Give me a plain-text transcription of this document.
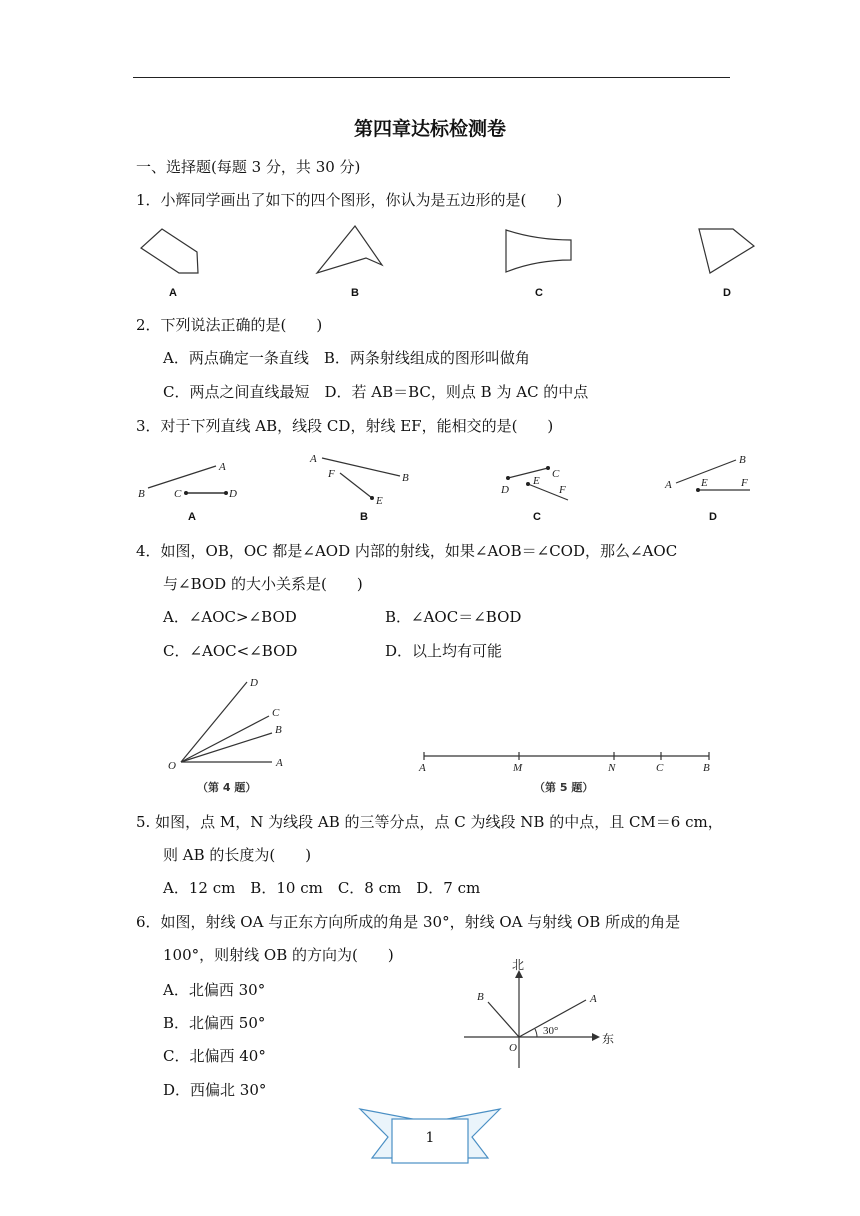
第四章达标检测卷
一、选择题(每题 3 分，共 30 分)
1．小辉同学画出了如下的四个图形，你认为是五边形的是(　　)
A	B	C	D
2．下列说法正确的是(　　)
A．两点确定一条直线　B．两条射线组成的图形叫做角
C．两点之间直线最短　D．若 AB＝BC，则点 B 为 AC 的中点
3．对于下列直线 AB，线段 CD，射线 EF，能相交的是(　　)
A
B	C	D
A
B
F
E
C
D
E
F
B
A	E	F
A	B	C	D
4．如图，OB，OC 都是∠AOD 内部的射线，如果∠AOB＝∠COD，那么∠AOC
与∠BOD 的大小关系是(　　)
A．∠AOC>∠BOD	B．∠AOC＝∠BOD
C．∠AOC<∠BOD	D．以上均有可能
O	A
B
C
D
（第 4 题）
A	M	N	C	B
（第 5 题）
5. 如图，点 M，N 为线段 AB 的三等分点，点 C 为线段 NB 的中点，且 CM＝6 cm，
则 AB 的长度为(　　)
A．12 cm　B．10 cm　C．8 cm　D．7 cm
6．如图，射线 OA 与正东方向所成的角是 30°，射线 OA 与射线 OB 所成的角是
100°，则射线 OB 的方向为(　　)
A．北偏西 30°
B．北偏西 50°
C．北偏西 40°
D．西偏北 30°
北
东
30°
O
A
B
1
